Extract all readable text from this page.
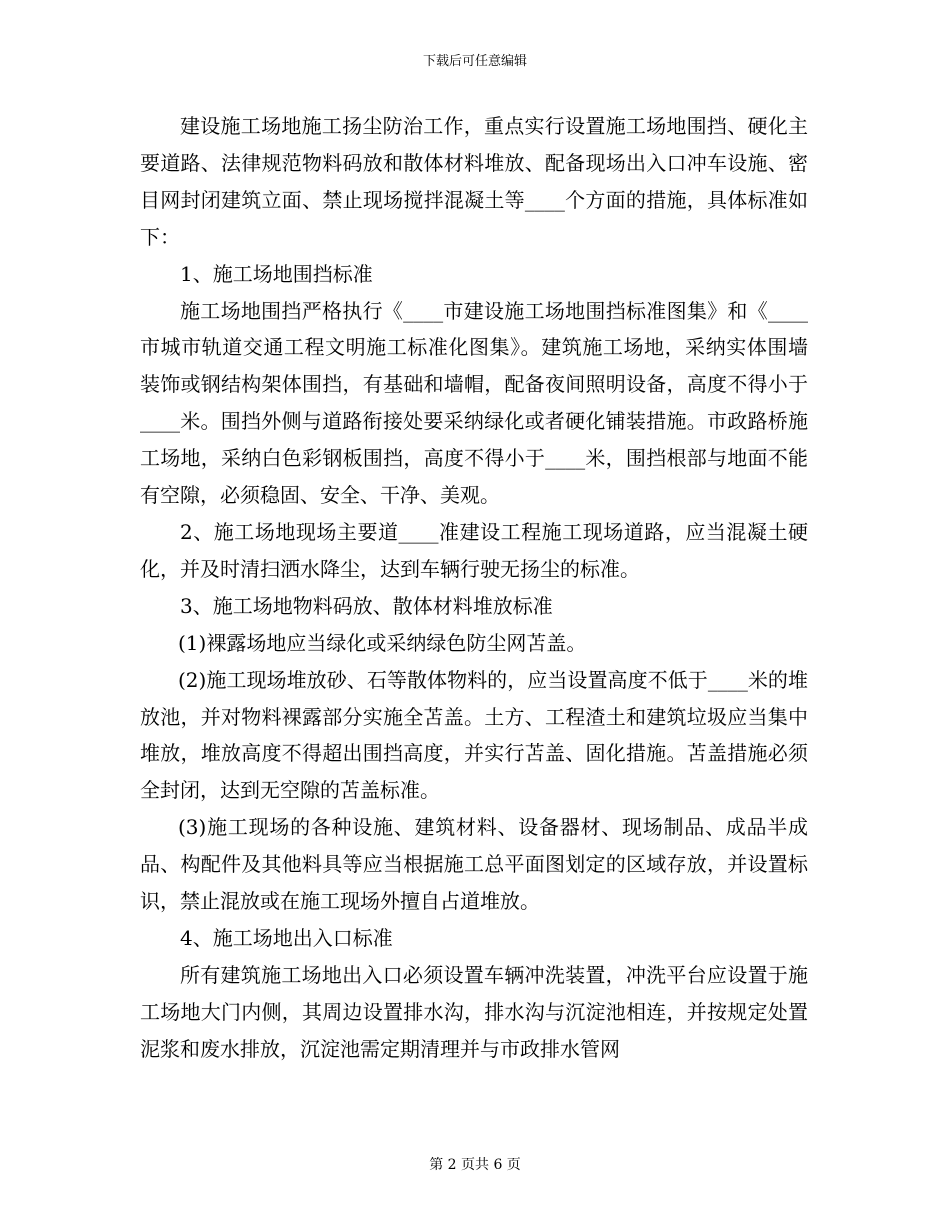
下载后可任意编辑

建设施工场地施工扬尘防治工作，重点实行设置施工场地围挡、硬化主要道路、法律规范物料码放和散体材料堆放、配备现场出入口冲车设施、密目网封闭建筑立面、禁止现场搅拌混凝土等____个方面的措施，具体标准如下：

1、施工场地围挡标准

施工场地围挡严格执行《____市建设施工场地围挡标准图集》和《____市城市轨道交通工程文明施工标准化图集》。建筑施工场地，采纳实体围墙装饰或钢结构架体围挡，有基础和墙帽，配备夜间照明设备，高度不得小于____米。围挡外侧与道路衔接处要采纳绿化或者硬化铺装措施。市政路桥施工场地，采纳白色彩钢板围挡，高度不得小于____米，围挡根部与地面不能有空隙，必须稳固、安全、干净、美观。

2、施工场地现场主要道____准建设工程施工现场道路，应当混凝土硬化，并及时清扫洒水降尘，达到车辆行驶无扬尘的标准。

3、施工场地物料码放、散体材料堆放标准

(1)裸露场地应当绿化或采纳绿色防尘网苫盖。

(2)施工现场堆放砂、石等散体物料的，应当设置高度不低于____米的堆放池，并对物料裸露部分实施全苫盖。土方、工程渣土和建筑垃圾应当集中堆放，堆放高度不得超出围挡高度，并实行苫盖、固化措施。苫盖措施必须全封闭，达到无空隙的苫盖标准。

(3)施工现场的各种设施、建筑材料、设备器材、现场制品、成品半成品、构配件及其他料具等应当根据施工总平面图划定的区域存放，并设置标识，禁止混放或在施工现场外擅自占道堆放。

4、施工场地出入口标准

所有建筑施工场地出入口必须设置车辆冲洗装置，冲洗平台应设置于施工场地大门内侧，其周边设置排水沟，排水沟与沉淀池相连，并按规定处置泥浆和废水排放，沉淀池需定期清理并与市政排水管网

第 2 页共 6 页
